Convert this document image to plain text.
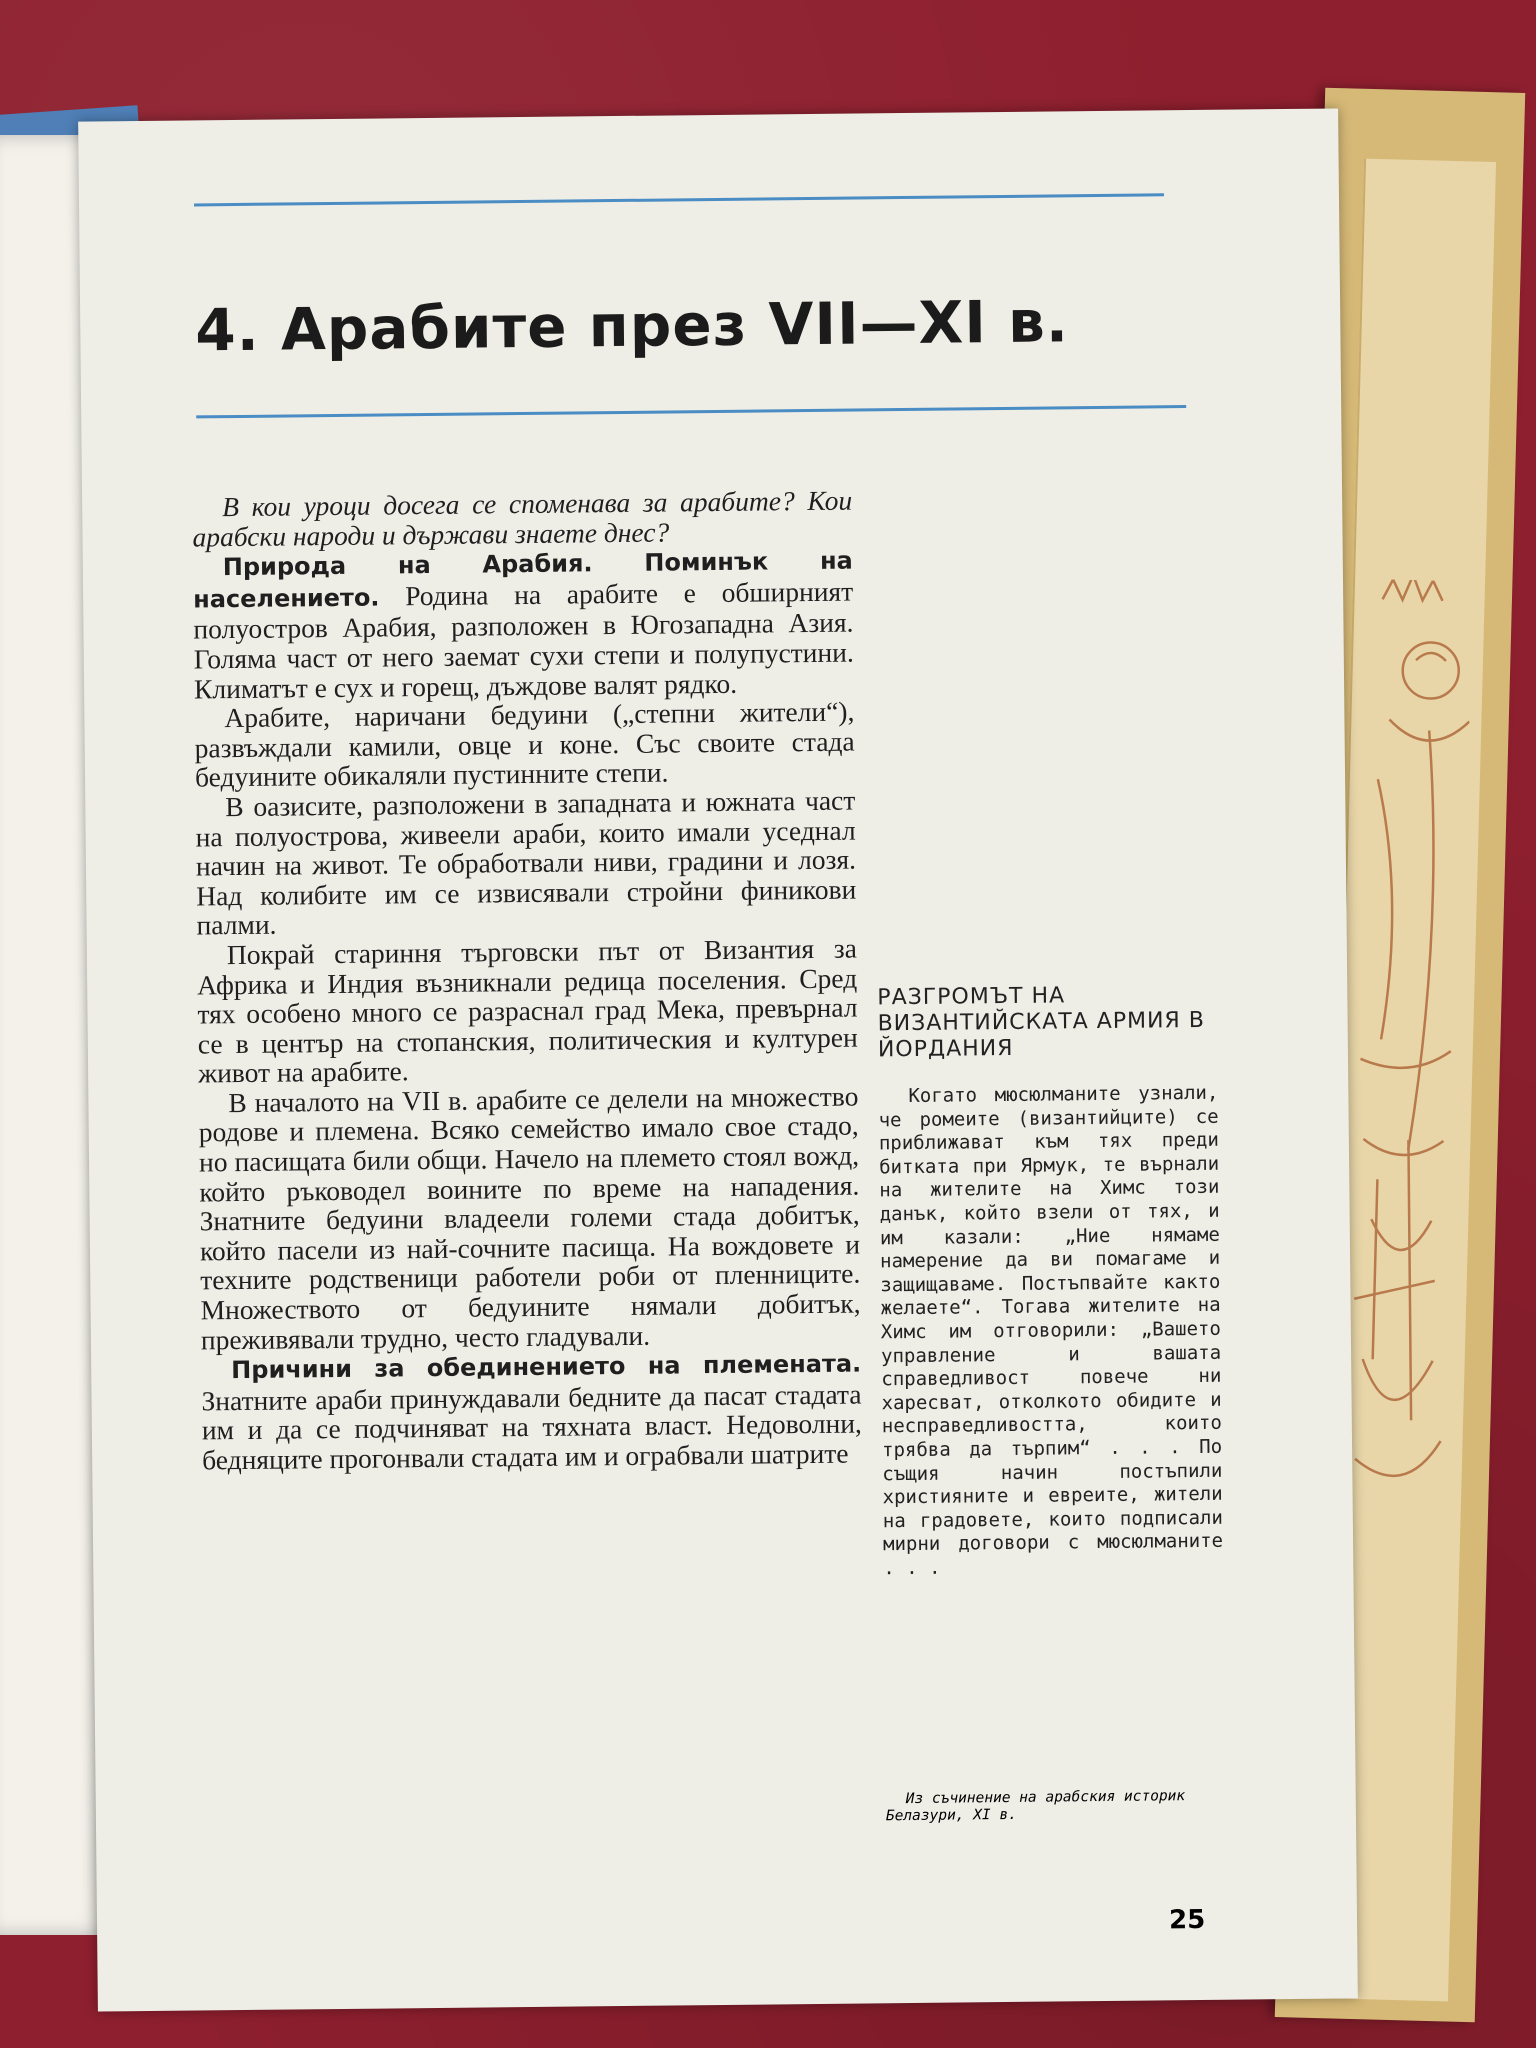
4. Арабите през VII—XI в.

В кои уроци досега се споменава за арабите? Кои арабски народи и държави знаете днес?

Природа на Арабия. Поминък на населението. Родина на арабите е обширният полуостров Арабия, разположен в Югозападна Азия. Голяма част от него заемат сухи степи и полупустини. Климатът е сух и горещ, дъждове валят рядко.

Арабите, наричани бедуини („степни жители“), развъждали камили, овце и коне. Със своите стада бедуините обикаляли пустинните степи.

В оазисите, разположени в западната и южната част на полуострова, живеели араби, които имали уседнал начин на живот. Те обработвали ниви, градини и лозя. Над колибите им се извисявали стройни финикови палми.

Покрай стариння търговски път от Византия за Африка и Индия възникнали редица поселения. Сред тях особено много се разраснал град Мека, превърнал се в център на стопанския, политическия и културен живот на арабите.

В началото на VII в. арабите се делели на множество родове и племена. Всяко семейство имало свое стадо, но пасищата били общи. Начело на племето стоял вожд, който ръководел воините по време на нападения. Знатните бедуини владеели големи стада добитък, който пасели из най-сочните пасища. На вождовете и техните родственици работели роби от пленниците. Множеството от бедуините нямали добитък, преживявали трудно, често гладували.

Причини за обединението на племената. Знатните араби принуждавали бедните да пасат стадата им и да се подчиняват на тяхната власт. Недоволни, бедняците прогонвали стадата им и ограбвали шатрите

РАЗГРОМЪТ НА ВИЗАНТИЙСКАТА АРМИЯ В ЙОРДАНИЯ

Когато мюсюлманите узнали, че ромеите (византийците) се приближават към тях преди битката при Ярмук, те върнали на жителите на Химс този данък, който взели от тях, и им казали: „Ние нямаме намерение да ви помагаме и защищаваме. Постъпвайте както желаете“. Тогава жителите на Химс им отговорили: „Вашето управление и вашата справедливост повече ни харесват, отколкото обидите и несправедливостта, които трябва да търпим“ . . . По същия начин постъпили християните и евреите, жители на градовете, които подписали мирни договори с мюсюлманите . . .

Из съчинение на арабския историк Белазури, XI в.

25
